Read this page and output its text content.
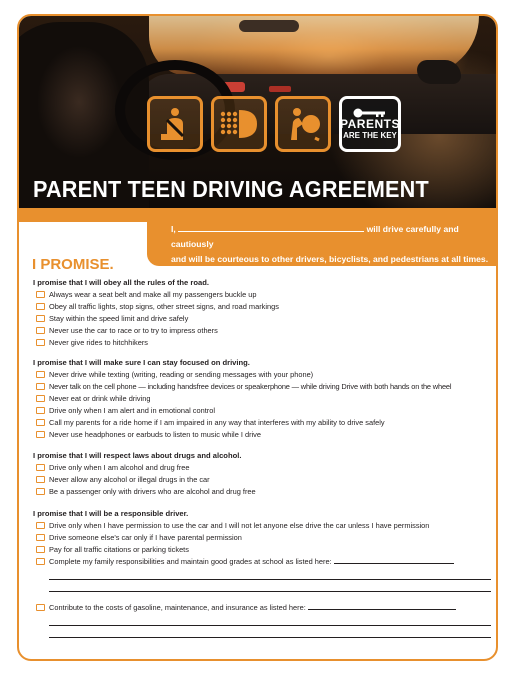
PARENTS
ARE THE KEY
PARENT TEEN DRIVING AGREEMENT
I,	will drive carefully and cautiously
and will be courteous to other drivers, bicyclists, and pedestrians at all times.
I PROMISE.
I promise that I will obey all the rules of the road.
Always wear a seat belt and make all my passengers buckle up
Obey all traffic lights, stop signs, other street signs, and road markings
Stay within the speed limit and drive safely
Never use the car to race or to try to impress others
Never give rides to hitchhikers
I promise that I will make sure I can stay focused on driving.
Never drive while texting (writing, reading or sending messages with your phone)
Never talk on the cell phone — including handsfree devices or speakerphone — while driving Drive with both hands on the wheel
Never eat or drink while driving
Drive only when I am alert and in emotional control
Call my parents for a ride home if I am impaired in any way that interferes with my ability to drive safely
Never use headphones or earbuds to listen to music while I drive
I promise that I will respect laws about drugs and alcohol.
Drive only when I am alcohol and drug free
Never allow any alcohol or illegal drugs in the car
Be a passenger only with drivers who are alcohol and drug free
I promise that I will be a responsible driver.
Drive only when I have permission to use the car and I will not let anyone else drive the car unless I have permission
Drive someone else's car only if I have parental permission
Pay for all traffic citations or parking tickets
Complete my family responsibilities and maintain good grades at school as listed here:
Contribute to the costs of gasoline, maintenance, and insurance as listed here:
